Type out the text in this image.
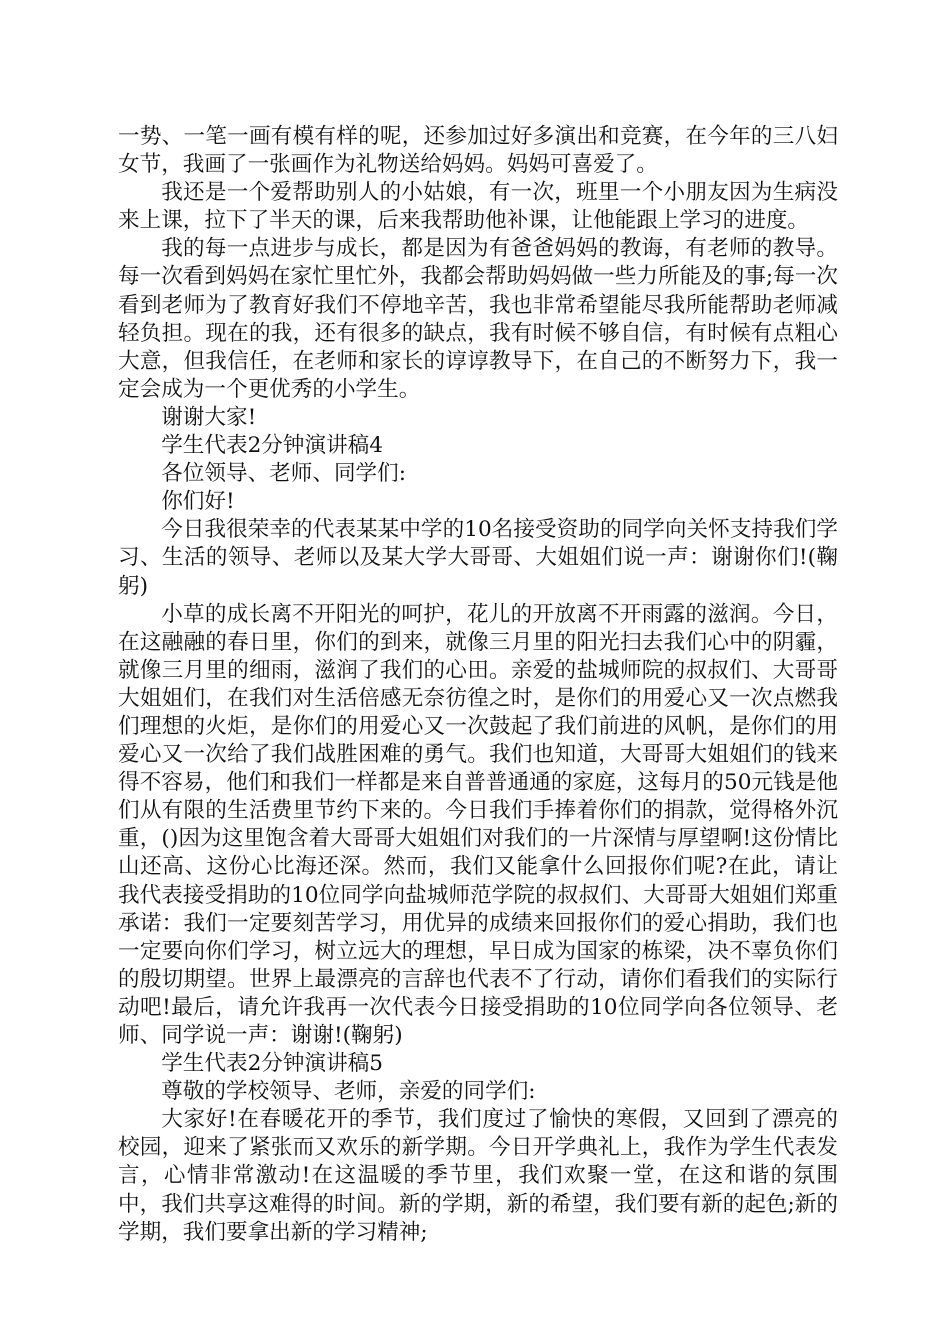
一势、一笔一画有模有样的呢，还参加过好多演出和竞赛，在今年的三八妇女节，我画了一张画作为礼物送给妈妈。妈妈可喜爱了。

我还是一个爱帮助别人的小姑娘，有一次，班里一个小朋友因为生病没来上课，拉下了半天的课，后来我帮助他补课，让他能跟上学习的进度。

我的每一点进步与成长，都是因为有爸爸妈妈的教诲，有老师的教导。每一次看到妈妈在家忙里忙外，我都会帮助妈妈做一些力所能及的事;每一次看到老师为了教育好我们不停地辛苦，我也非常希望能尽我所能帮助老师减轻负担。现在的我，还有很多的缺点，我有时候不够自信，有时候有点粗心大意，但我信任，在老师和家长的谆谆教导下，在自己的不断努力下，我一定会成为一个更优秀的小学生。

谢谢大家!

学生代表2分钟演讲稿4

各位领导、老师、同学们:

你们好!

今日我很荣幸的代表某某中学的10名接受资助的同学向关怀支持我们学习、生活的领导、老师以及某大学大哥哥、大姐姐们说一声：谢谢你们!(鞠躬)

小草的成长离不开阳光的呵护，花儿的开放离不开雨露的滋润。今日，在这融融的春日里，你们的到来，就像三月里的阳光扫去我们心中的阴霾，就像三月里的细雨，滋润了我们的心田。亲爱的盐城师院的叔叔们、大哥哥大姐姐们，在我们对生活倍感无奈彷徨之时，是你们的用爱心又一次点燃我们理想的火炬，是你们的用爱心又一次鼓起了我们前进的风帆，是你们的用爱心又一次给了我们战胜困难的勇气。我们也知道，大哥哥大姐姐们的钱来得不容易，他们和我们一样都是来自普普通通的家庭，这每月的50元钱是他们从有限的生活费里节约下来的。今日我们手捧着你们的捐款，觉得格外沉重，()因为这里饱含着大哥哥大姐姐们对我们的一片深情与厚望啊!这份情比山还高、这份心比海还深。然而，我们又能拿什么回报你们呢?在此，请让我代表接受捐助的10位同学向盐城师范学院的叔叔们、大哥哥大姐姐们郑重承诺：我们一定要刻苦学习，用优异的成绩来回报你们的爱心捐助，我们也一定要向你们学习，树立远大的理想，早日成为国家的栋梁，决不辜负你们的殷切期望。世界上最漂亮的言辞也代表不了行动，请你们看我们的实际行动吧!最后，请允许我再一次代表今日接受捐助的10位同学向各位领导、老师、同学说一声：谢谢!(鞠躬)

学生代表2分钟演讲稿5

尊敬的学校领导、老师，亲爱的同学们:

大家好!在春暖花开的季节，我们度过了愉快的寒假，又回到了漂亮的校园，迎来了紧张而又欢乐的新学期。今日开学典礼上，我作为学生代表发言，心情非常激动!在这温暖的季节里，我们欢聚一堂，在这和谐的氛围中，我们共享这难得的时间。新的学期，新的希望，我们要有新的起色;新的学期，我们要拿出新的学习精神;
